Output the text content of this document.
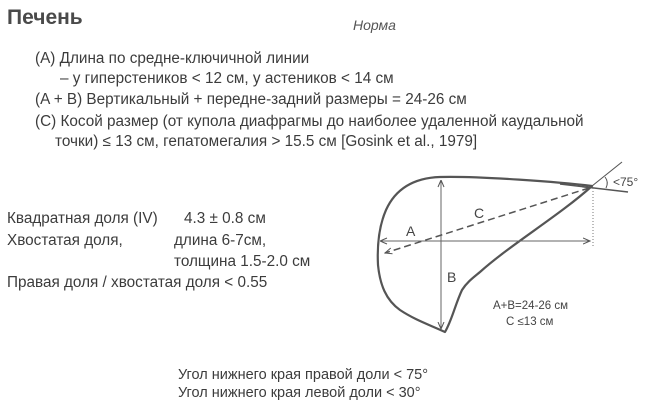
Печень	Норма
(A) Длина по средне-ключичной линии
– у гиперстеников < 12 см, у астеников < 14 см
(A + B) Вертикальный + передне-задний размеры = 24-26 см
(C) Косой размер (от купола диафрагмы до наиболее удаленной каудальной
точки) ≤ 13 см, гепатомегалия > 15.5 см [Gosink et al., 1979]
Квадратная доля (IV) 4.3 ± 0.8 см
Хвостатая доля,	длина 6-7см,
толщина 1.5-2.0 см
Правая доля / хвостатая доля < 0.55
A
C
B
<75°
A+B=24-26 см
C ≤13 см
Угол нижнего края правой доли < 75°
Угол нижнего края левой доли < 30°
